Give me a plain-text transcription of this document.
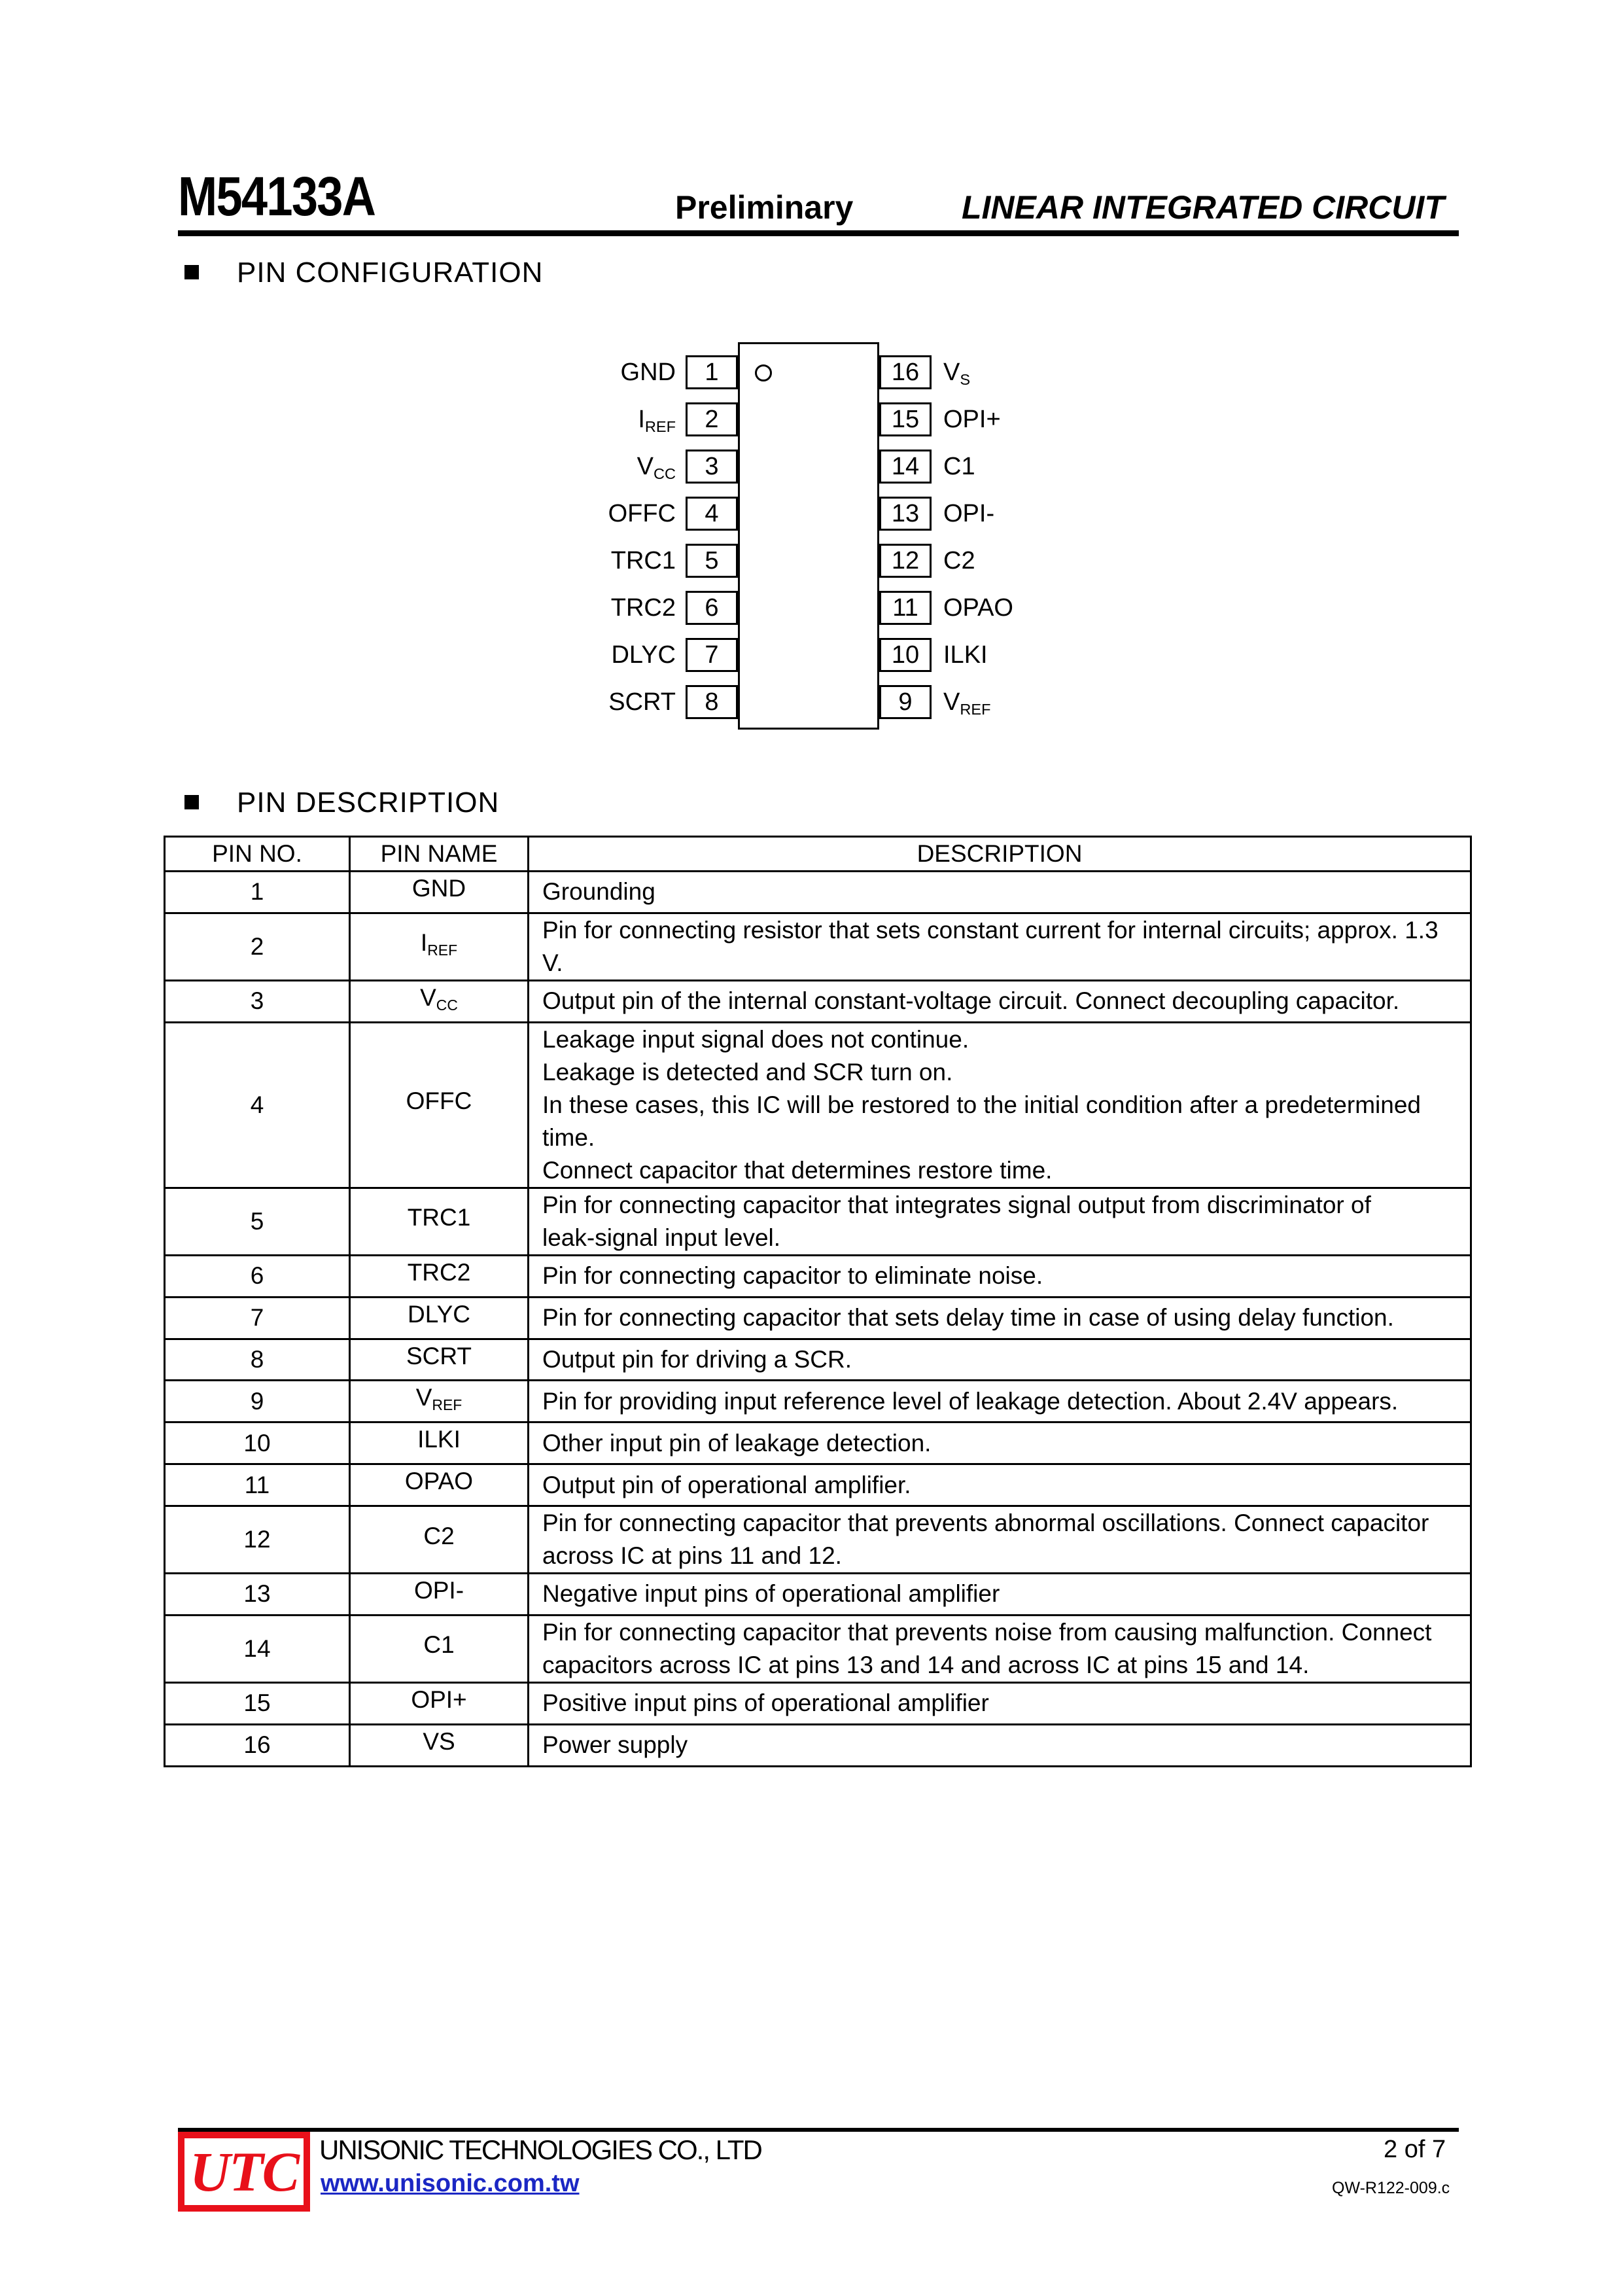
M54133A	Preliminary	LINEAR INTEGRATED CIRCUIT
PIN CONFIGURATION
GND	1
$I_{REF}$	2
$V_{CC}$	3
OFFC	4
TRC1	5
TRC2	6
DLYC	7
SCRT	8
16 $V_S$
15 OPI+
14 C1
13 OPI-
12 C2
11	OPAO
10 ILKI
9	$V_{REF}$
PIN DESCRIPTION
PIN NO.	PIN NAME	DESCRIPTION
1	GND	Grounding

2	$I_{REF}$	Pin for connecting resistor that sets constant current for internal circuits; approx. 1.3 V.

3	$V_{CC}$	Output pin of the internal constant-voltage circuit. Connect decoupling capacitor.

4	OFFC	Leakage input signal does not continue.
Leakage is detected and SCR turn on.
In these cases, this IC will be restored to the initial condition after a predetermined time.
Connect capacitor that determines restore time.

5	TRC1	Pin for connecting capacitor that integrates signal output from discriminator of
leak-signal input level.

6	TRC2	Pin for connecting capacitor to eliminate noise.

7	DLYC	Pin for connecting capacitor that sets delay time in case of using delay function.

8	SCRT	Output pin for driving a SCR.

9	$V_{REF}$	Pin for providing input reference level of leakage detection. About 2.4V appears.

10	ILKI	Other input pin of leakage detection.

11	OPAO	Output pin of operational amplifier.

12	C2	Pin for connecting capacitor that prevents abnormal oscillations. Connect capacitor
across IC at pins 11 and 12.

13	OPI-	Negative input pins of operational amplifier

14	C1	Pin for connecting capacitor that prevents noise from causing malfunction. Connect
capacitors across IC at pins 13 and 14 and across IC at pins 15 and 14.

15	OPI+	Positive input pins of operational amplifier

16	VS	Power supply
UTC UNISONIC TECHNOLOGIES CO., LTD
www.unisonic.com.tw
2 of 7
QW-R122-009.c
